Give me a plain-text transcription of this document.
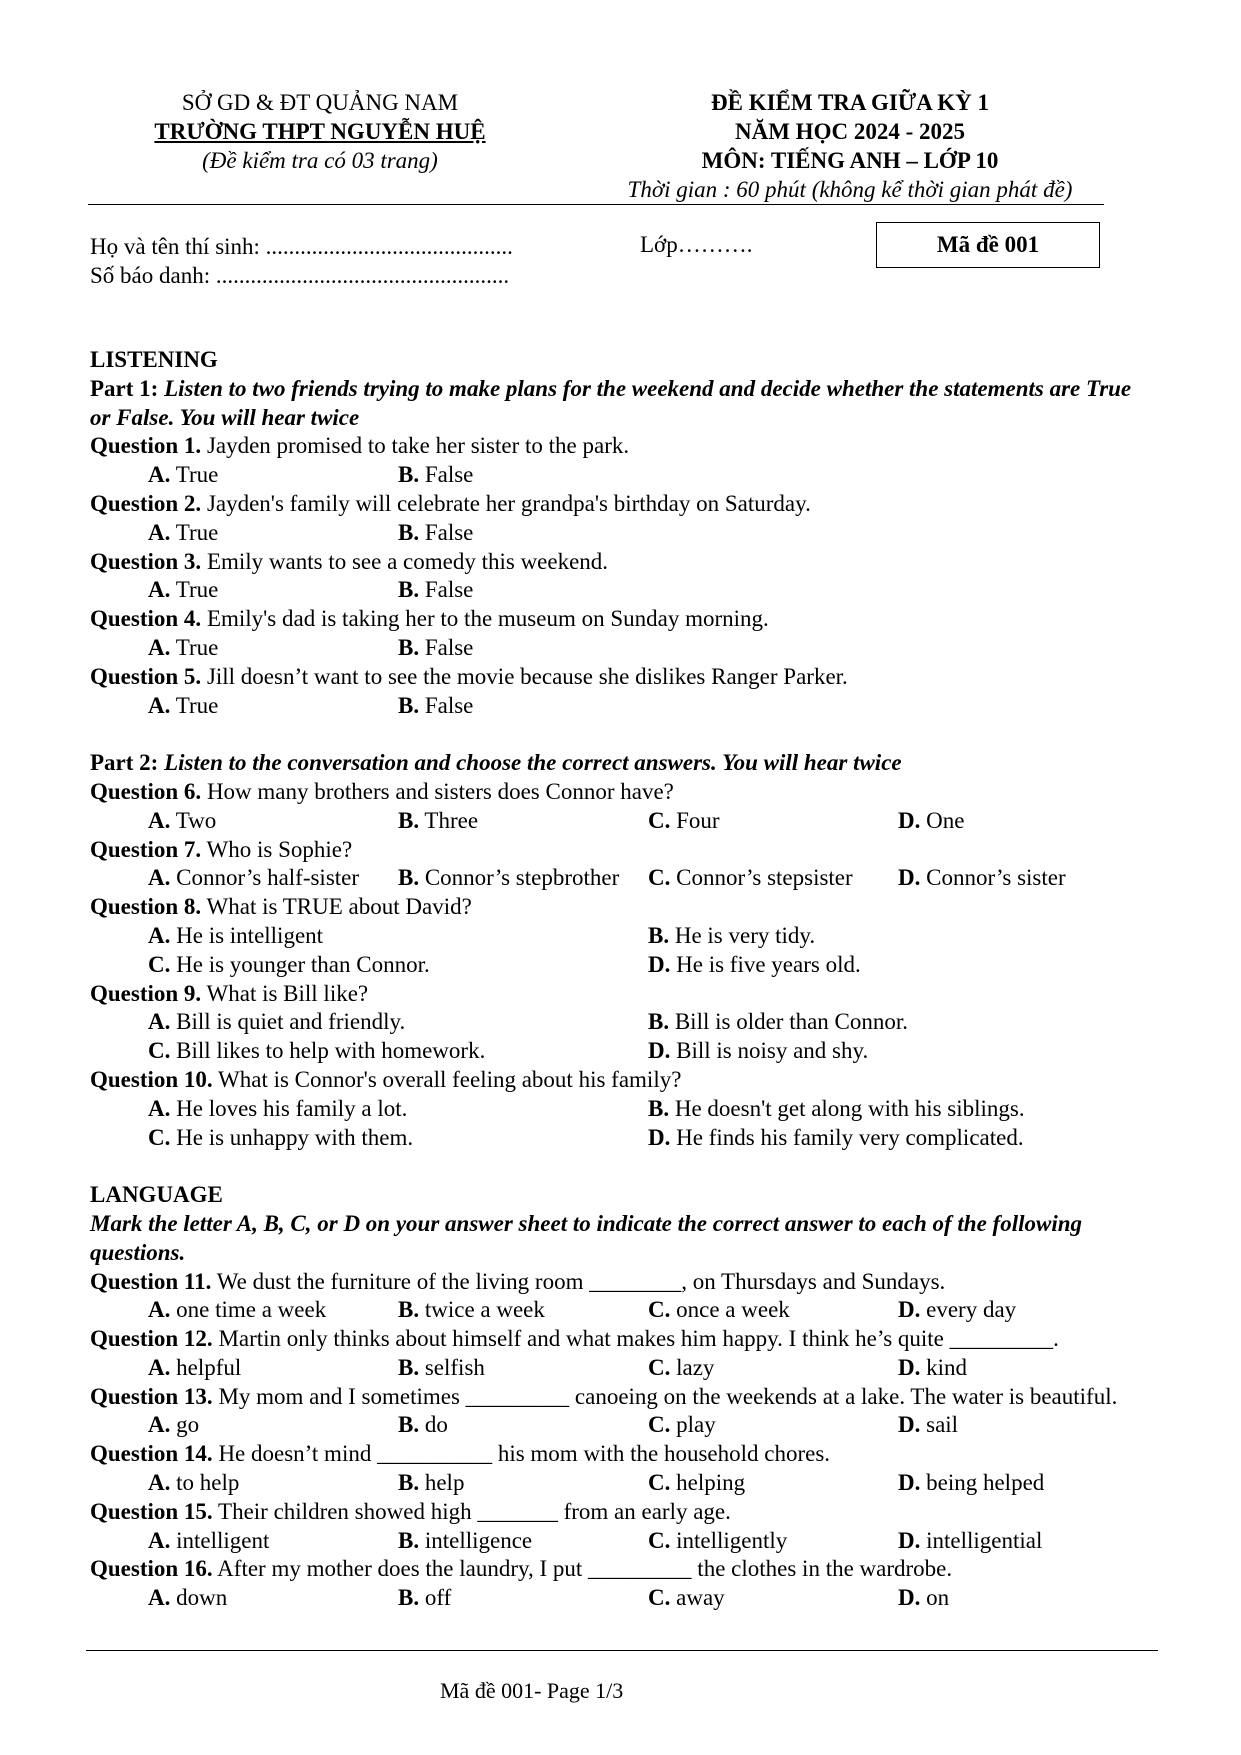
SỞ GD & ĐT QUẢNG NAM
TRƯỜNG THPT NGUYỄN HUỆ
(Đề kiểm tra có 03 trang)
ĐỀ KIỂM TRA GIỮA KỲ 1
NĂM HỌC 2024 - 2025
MÔN: TIẾNG ANH – LỚP 10
Thời gian : 60 phút (không kể thời gian phát đề)
Họ và tên thí sinh: ...........................................
Số báo danh: ...................................................
Lớp……….	Mã đề 001
LISTENING
Part 1: Listen to two friends trying to make plans for the weekend and decide whether the statements are True or False. You will hear twice
Question 1. Jayden promised to take her sister to the park.
A. True	B. False
Question 2. Jayden's family will celebrate her grandpa's birthday on Saturday.
A. True	B. False
Question 3. Emily wants to see a comedy this weekend.
A. True	B. False
Question 4. Emily's dad is taking her to the museum on Sunday morning.
A. True	B. False
Question 5. Jill doesn’t want to see the movie because she dislikes Ranger Parker.
A. True	B. False
Part 2: Listen to the conversation and choose the correct answers. You will hear twice
Question 6. How many brothers and sisters does Connor have?
A. Two	B. Three	C. Four	D. One
Question 7. Who is Sophie?
A. Connor’s half-sister	B. Connor’s stepbrother	C. Connor’s stepsister	D. Connor’s sister
Question 8. What is TRUE about David?
A. He is intelligent	B. He is very tidy.
C. He is younger than Connor.	D. He is five years old.
Question 9. What is Bill like?
A. Bill is quiet and friendly.	B. Bill is older than Connor.
C. Bill likes to help with homework.	D. Bill is noisy and shy.
Question 10. What is Connor's overall feeling about his family?
A. He loves his family a lot.	B. He doesn't get along with his siblings.
C. He is unhappy with them.	D. He finds his family very complicated.
LANGUAGE
Mark the letter A, B, C, or D on your answer sheet to indicate the correct answer to each of the following questions.
Question 11. We dust the furniture of the living room ________, on Thursdays and Sundays.
A. one time a week	B. twice a week	C. once a week	D. every day
Question 12. Martin only thinks about himself and what makes him happy. I think he’s quite _________.
A. helpful	B. selfish	C. lazy	D. kind
Question 13. My mom and I sometimes _________ canoeing on the weekends at a lake. The water is beautiful.
A. go	B. do	C. play	D. sail
Question 14. He doesn’t mind __________ his mom with the household chores.
A. to help	B. help	C. helping	D. being helped
Question 15. Their children showed high _______ from an early age.
A. intelligent	B. intelligence	C. intelligently	D. intelligential
Question 16. After my mother does the laundry, I put _________ the clothes in the wardrobe.
A. down	B. off	C. away	D. on
Mã đề 001- Page 1/3
